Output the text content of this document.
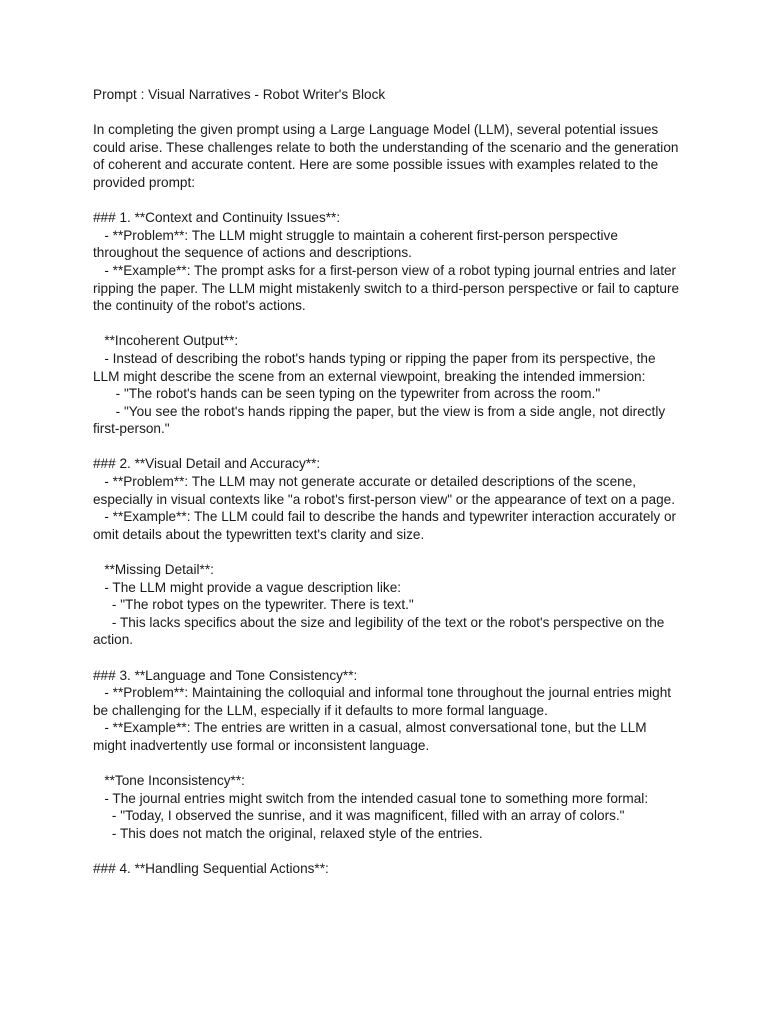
Prompt : Visual Narratives - Robot Writer's Block

In completing the given prompt using a Large Language Model (LLM), several potential issues could arise. These challenges relate to both the understanding of the scenario and the generation of coherent and accurate content. Here are some possible issues with examples related to the provided prompt:

### 1. **Context and Continuity Issues**:

- **Problem**: The LLM might struggle to maintain a coherent first-person perspective throughout the sequence of actions and descriptions.

- **Example**: The prompt asks for a first-person view of a robot typing journal entries and later ripping the paper. The LLM might mistakenly switch to a third-person perspective or fail to capture the continuity of the robot's actions.

**Incoherent Output**:

- Instead of describing the robot's hands typing or ripping the paper from its perspective, the LLM might describe the scene from an external viewpoint, breaking the intended immersion:

- "The robot's hands can be seen typing on the typewriter from across the room."

- "You see the robot's hands ripping the paper, but the view is from a side angle, not directly first-person."

### 2. **Visual Detail and Accuracy**:

- **Problem**: The LLM may not generate accurate or detailed descriptions of the scene, especially in visual contexts like "a robot's first-person view" or the appearance of text on a page.

- **Example**: The LLM could fail to describe the hands and typewriter interaction accurately or omit details about the typewritten text's clarity and size.

**Missing Detail**:

- The LLM might provide a vague description like:

- "The robot types on the typewriter. There is text."

- This lacks specifics about the size and legibility of the text or the robot's perspective on the action.

### 3. **Language and Tone Consistency**:

- **Problem**: Maintaining the colloquial and informal tone throughout the journal entries might be challenging for the LLM, especially if it defaults to more formal language.

- **Example**: The entries are written in a casual, almost conversational tone, but the LLM might inadvertently use formal or inconsistent language.

**Tone Inconsistency**:

- The journal entries might switch from the intended casual tone to something more formal:

- "Today, I observed the sunrise, and it was magnificent, filled with an array of colors."

- This does not match the original, relaxed style of the entries.

### 4. **Handling Sequential Actions**:
